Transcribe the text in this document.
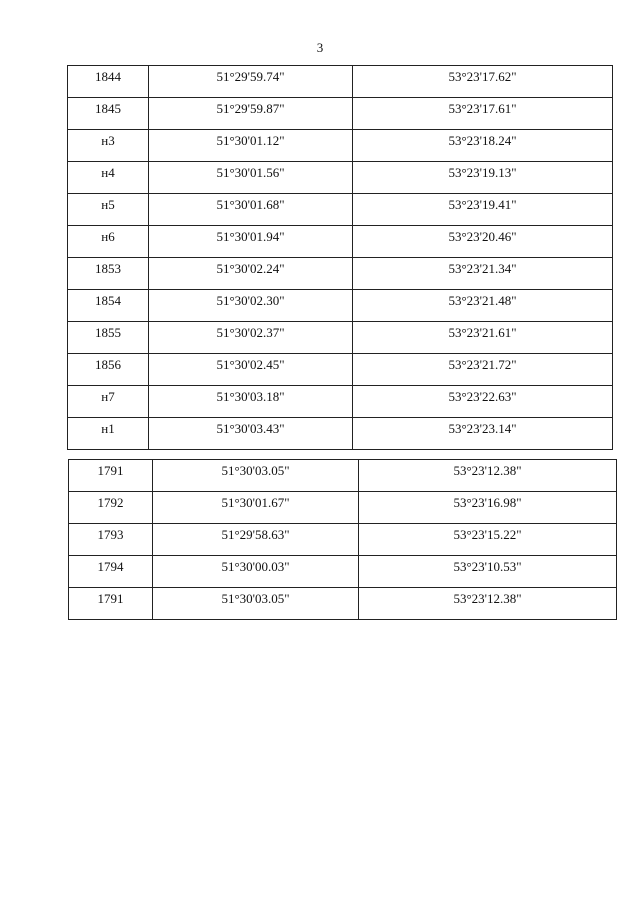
3
1844	51°29'59.74"	53°23'17.62"
1845	51°29'59.87"	53°23'17.61"
н3	51°30'01.12"	53°23'18.24"
н4	51°30'01.56"	53°23'19.13"
н5	51°30'01.68"	53°23'19.41"
н6	51°30'01.94"	53°23'20.46"
1853	51°30'02.24"	53°23'21.34"
1854	51°30'02.30"	53°23'21.48"
1855	51°30'02.37"	53°23'21.61"
1856	51°30'02.45"	53°23'21.72"
н7	51°30'03.18"	53°23'22.63"
н1	51°30'03.43"	53°23'23.14"
1791	51°30'03.05"	53°23'12.38"
1792	51°30'01.67"	53°23'16.98"
1793	51°29'58.63"	53°23'15.22"
1794	51°30'00.03"	53°23'10.53"
1791	51°30'03.05"	53°23'12.38"
